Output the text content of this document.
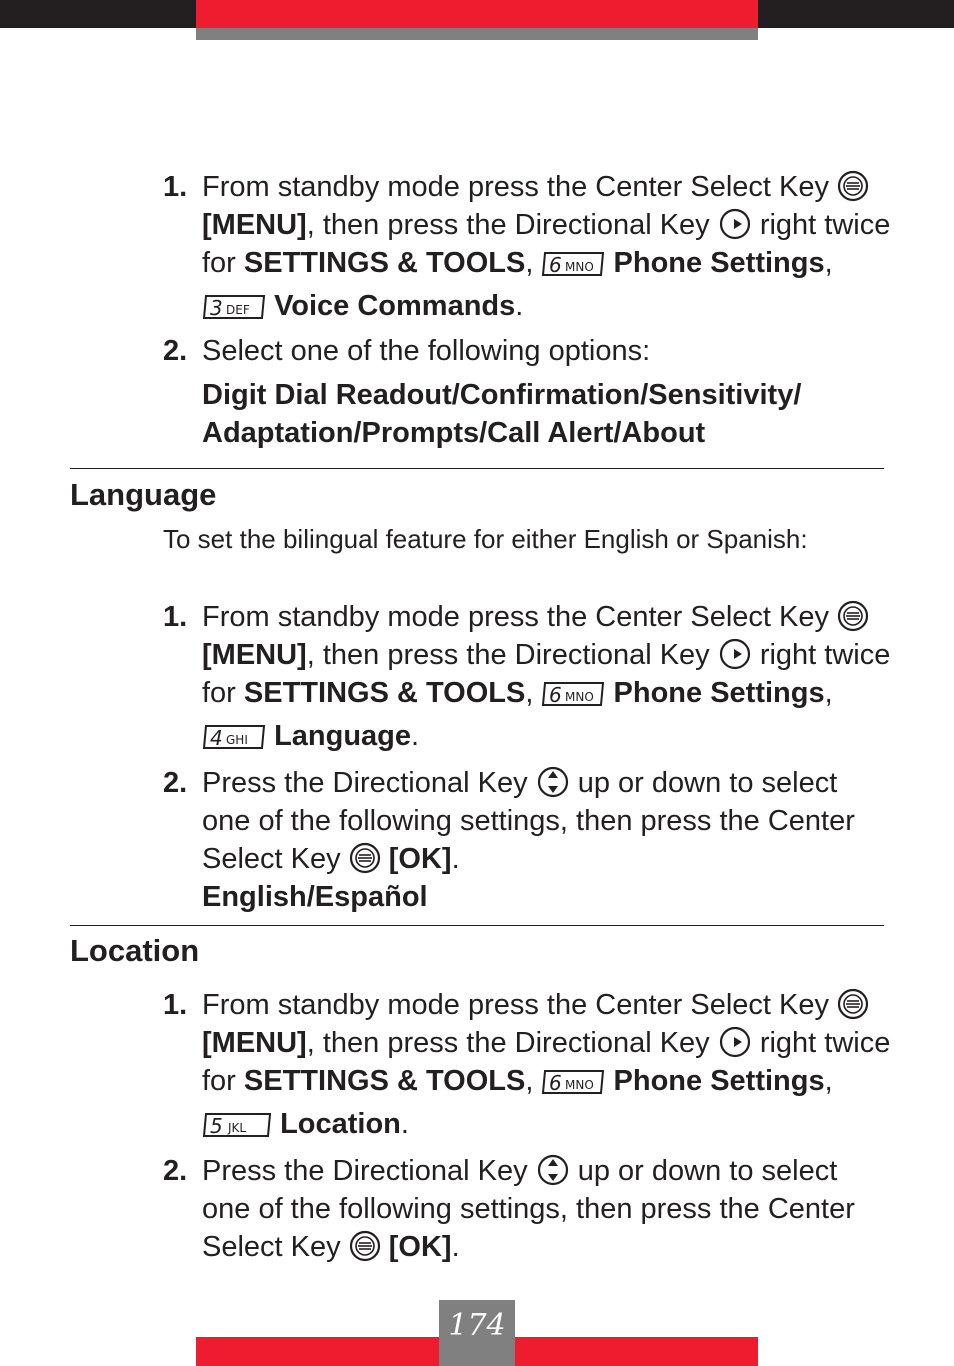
1. From standby mode press the Center Select Key  [MENU], then press the Directional Key right twice for SETTINGS & TOOLS, 6 MNO Phone Settings,
3 DEF Voice Commands.
2. Select one of the following options:
Digit Dial Readout/Confirmation/Sensitivity/
Adaptation/Prompts/Call Alert/About
Language
To set the bilingual feature for either English or Spanish:
1. From standby mode press the Center Select Key  [MENU], then press the Directional Key right twice for SETTINGS & TOOLS, 6 MNO Phone Settings,
4 GHI Language.
2. Press the Directional Key up or down to select one of the following settings, then press the Center Select Key [OK].
English/Español
Location
1. From standby mode press the Center Select Key  [MENU], then press the Directional Key right twice for SETTINGS & TOOLS, 6 MNO Phone Settings,
5 JKL Location.
2. Press the Directional Key up or down to select one of the following settings, then press the Center Select Key [OK].
174
